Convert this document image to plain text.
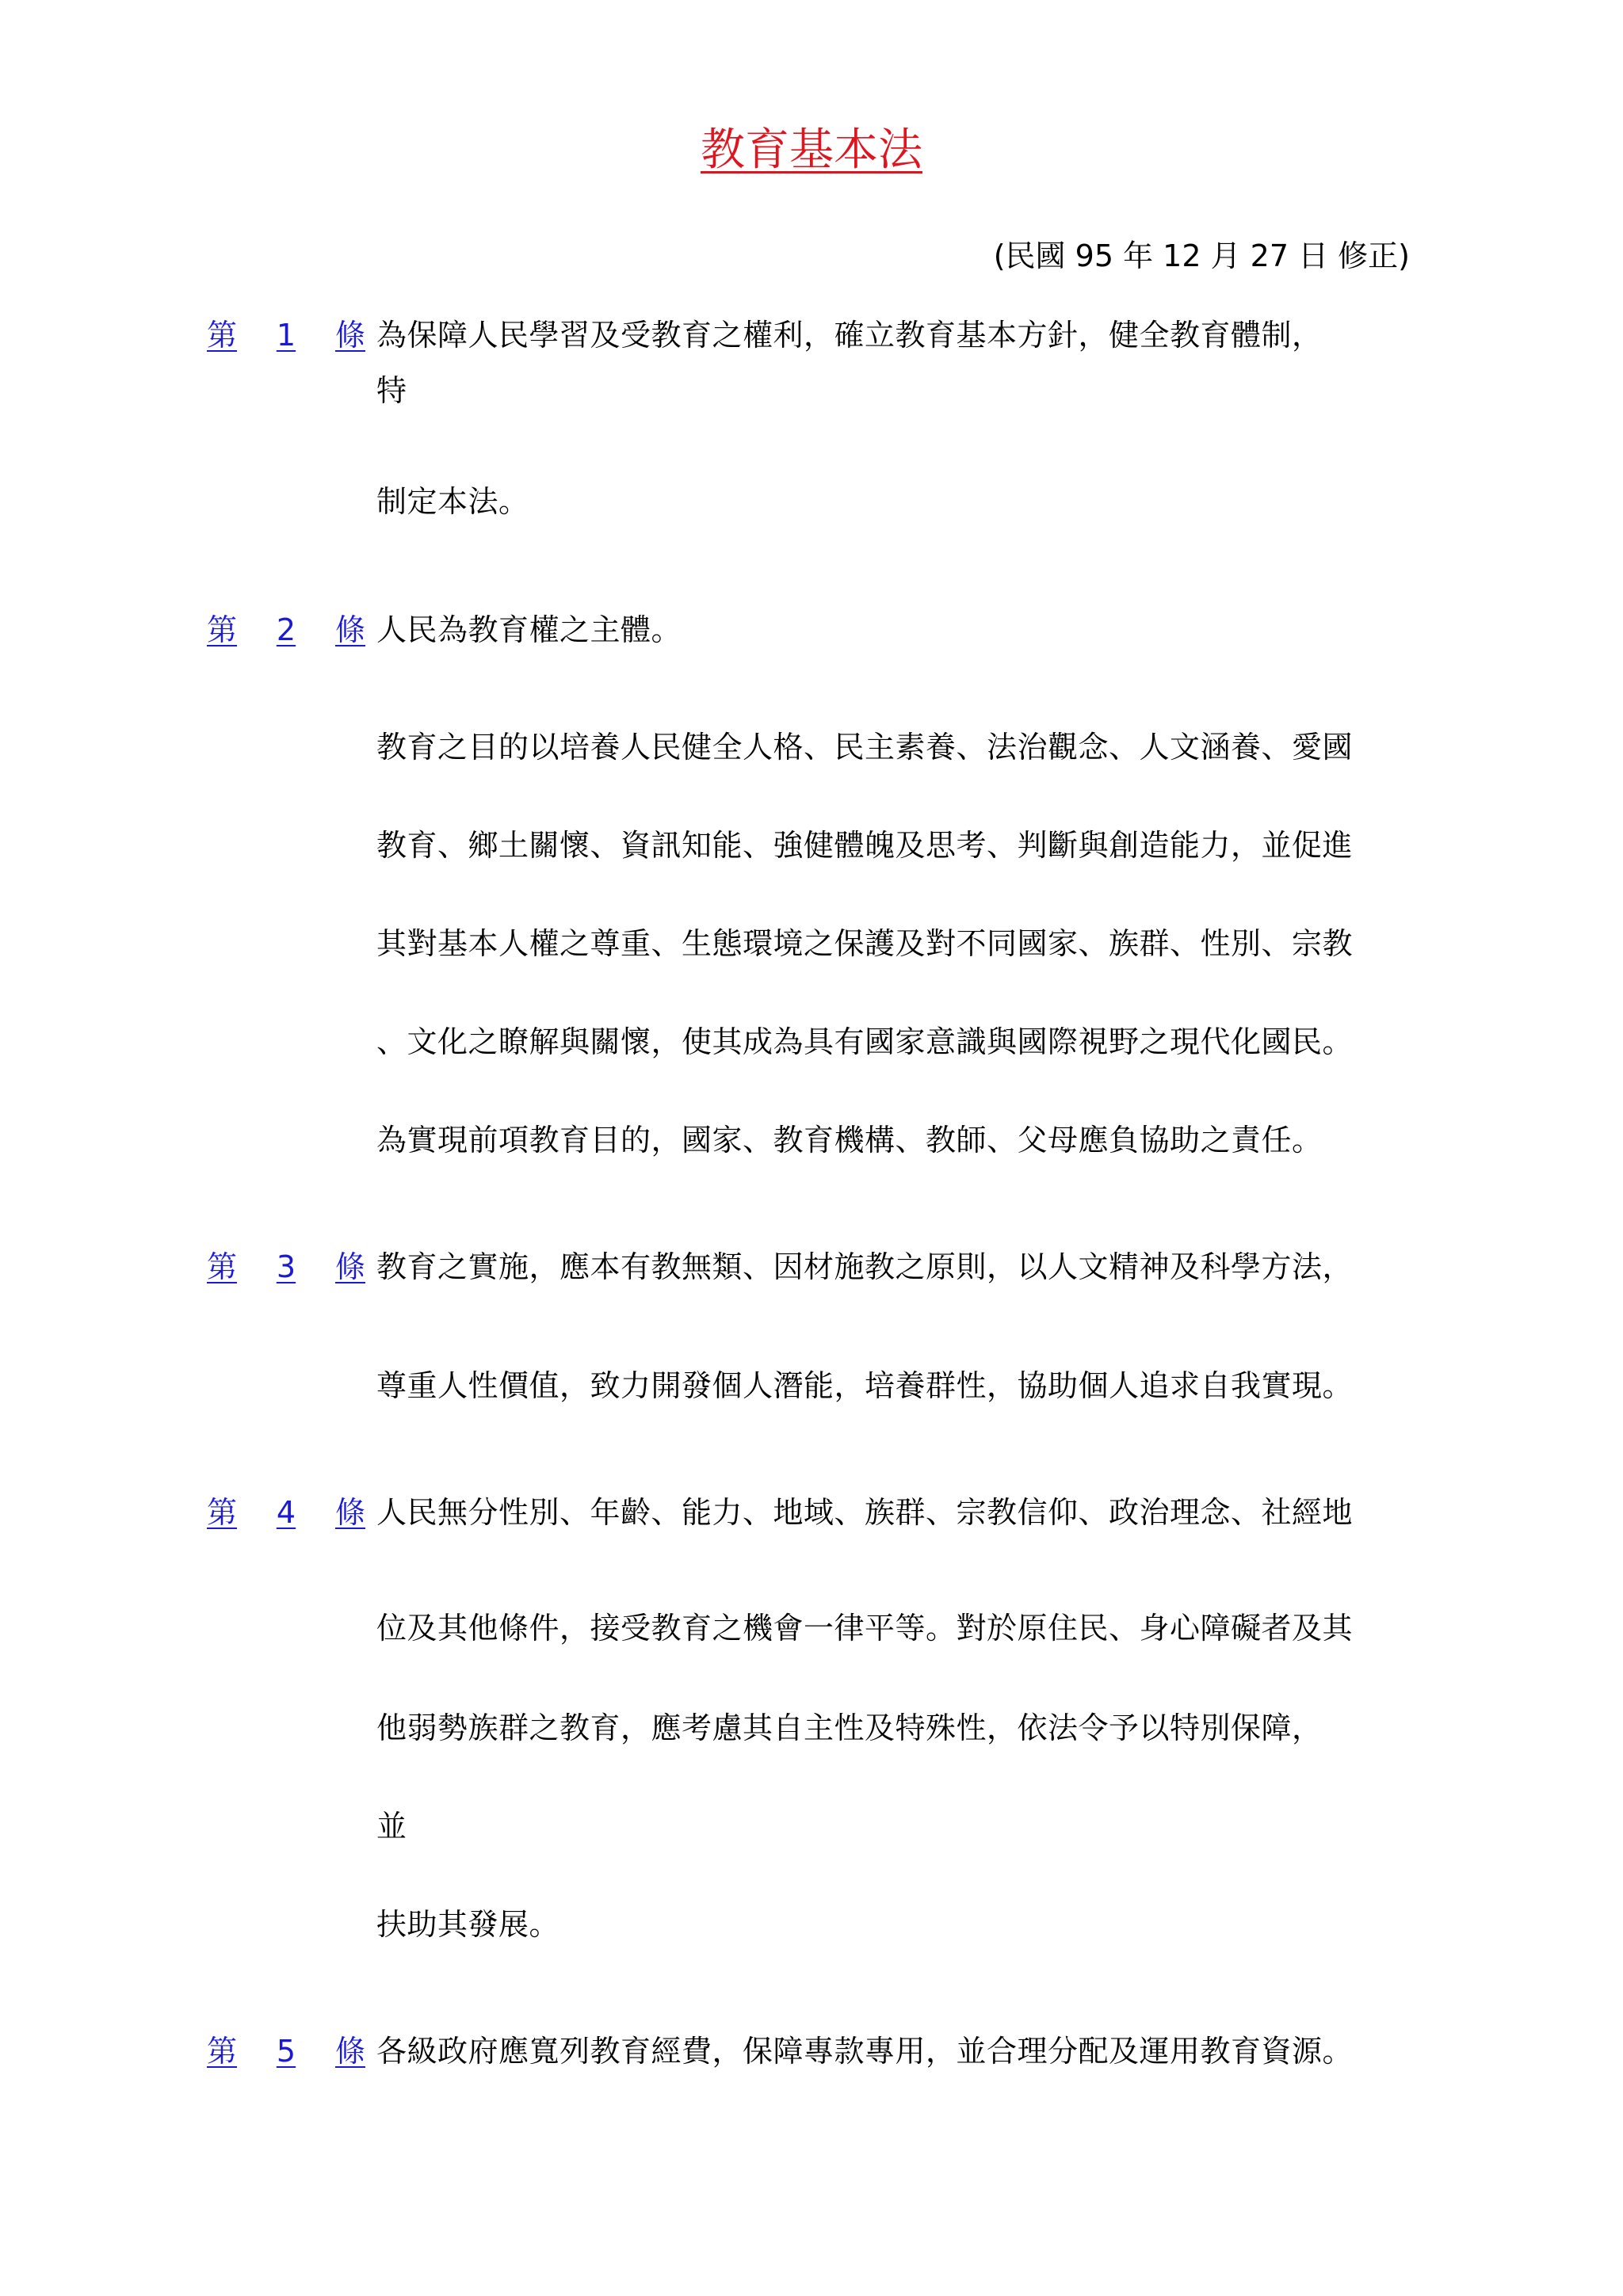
教育基本法
(民國 95 年 12 月 27 日 修正)
第 1 條 為保障人民學習及受教育之權利，確立教育基本方針，健全教育體制，
特
制定本法。
第 2 條 人民為教育權之主體。
教育之目的以培養人民健全人格、民主素養、法治觀念、人文涵養、愛國
教育、鄉土關懷、資訊知能、強健體魄及思考、判斷與創造能力，並促進
其對基本人權之尊重、生態環境之保護及對不同國家、族群、性別、宗教
、文化之瞭解與關懷，使其成為具有國家意識與國際視野之現代化國民。
為實現前項教育目的，國家、教育機構、教師、父母應負協助之責任。
第 3 條 教育之實施，應本有教無類、因材施教之原則，以人文精神及科學方法，
尊重人性價值，致力開發個人潛能，培養群性，協助個人追求自我實現。
第 4 條 人民無分性別、年齡、能力、地域、族群、宗教信仰、政治理念、社經地
位及其他條件，接受教育之機會一律平等。對於原住民、身心障礙者及其
他弱勢族群之教育，應考慮其自主性及特殊性，依法令予以特別保障，
並
扶助其發展。
第 5 條 各級政府應寬列教育經費，保障專款專用，並合理分配及運用教育資源。
